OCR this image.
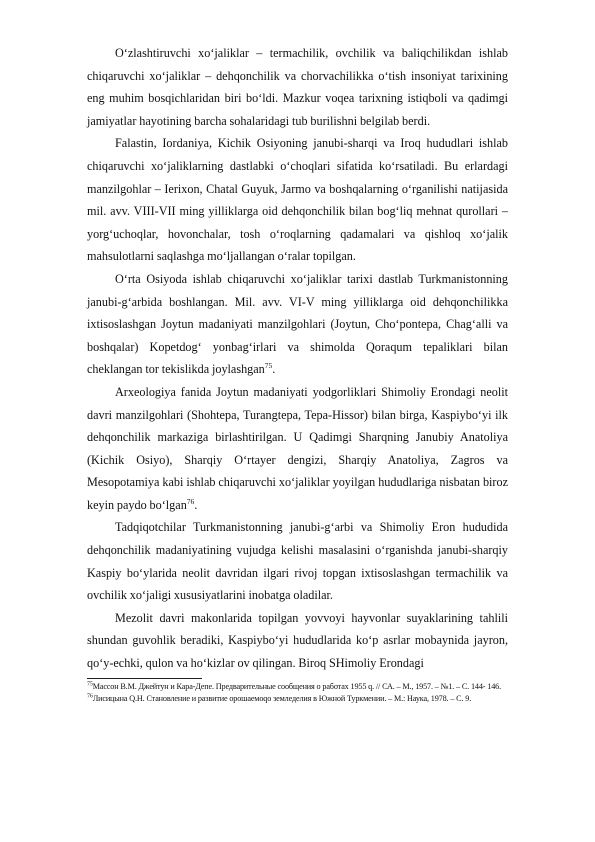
O‘zlashtiruvchi xo‘jaliklar – termachilik, ovchilik va baliqchilikdan ishlab chiqaruvchi xo‘jaliklar – dehqonchilik va chorvachilikka o‘tish insoniyat tarixining eng muhim bosqichlaridan biri bo‘ldi. Mazkur voqea tarixning istiqboli va qadimgi jamiyatlar hayotining barcha sohalaridagi tub burilishni belgilab berdi.

Falastin, Iordaniya, Kichik Osiyoning janubi-sharqi va Iroq hududlari ishlab chiqaruvchi xo‘jaliklarning dastlabki o‘choqlari sifatida ko‘rsatiladi. Bu erlardagi manzilgohlar – Ierixon, Chatal Guyuk, Jarmo va boshqalarning o‘rganilishi natijasida mil. avv. VIII-VII ming yilliklarga oid dehqonchilik bilan bog‘liq mehnat qurollari – yorg‘uchoqlar, hovonchalar, tosh o‘roqlarning qadamalari va qishloq xo‘jalik mahsulotlarni saqlashga mo‘ljallangan o‘ralar topilgan.

O‘rta Osiyoda ishlab chiqaruvchi xo‘jaliklar tarixi dastlab Turkmanistonning janubi-g‘arbida boshlangan. Mil. avv. VI-V ming yilliklarga oid dehqonchilikka ixtisoslashgan Joytun madaniyati manzilgohlari (Joytun, Cho‘pontepa, Chag‘alli va boshqalar) Kopetdog‘ yonbag‘irlari va shimolda Qoraqum tepaliklari bilan cheklangan tor tekislikda joylashgan$^{75}$.

Arxeologiya fanida Joytun madaniyati yodgorliklari Shimoliy Erondagi neolit davri manzilgohlari (Shohtepa, Turangtepa, Tepa-Hissor) bilan birga, Kaspiybo‘yi ilk dehqonchilik markaziga birlashtirilgan. U Qadimgi Sharqning Janubiy Anatoliya (Kichik Osiyo), Sharqiy O‘rtayer dengizi, Sharqiy Anatoliya, Zagros va Mesopotamiya kabi ishlab chiqaruvchi xo‘jaliklar yoyilgan hududlariga nisbatan biroz keyin paydo bo‘lgan$^{76}$.

Tadqiqotchilar Turkmanistonning janubi-g‘arbi va Shimoliy Eron hududida dehqonchilik madaniyatining vujudga kelishi masalasini o‘rganishda janubi-sharqiy Kaspiy bo‘ylarida neolit davridan ilgari rivoj topgan ixtisoslashgan termachilik va ovchilik xo‘jaligi xususiyatlarini inobatga oladilar.

Mezolit davri makonlarida topilgan yovvoyi hayvonlar suyaklarining tahlili shundan guvohlik beradiki, Kaspiybo‘yi hududlarida ko‘p asrlar mobaynida jayron, qo‘y-echki, qulon va ho‘kizlar ov qilingan. Biroq SHimoliy Erondagi

$^{75}$Массон В.М. Джейтун и Кара-Депе. Предварительные сообщения о работах 1955 q. // СА. – М., 1957. – №1. – С. 144- 146.

$^{76}$Лисицына Q.Н. Становление и развитие орошаемоqо земледелия в Южной Туркмении. – М.: Наука, 1978. – С. 9.
